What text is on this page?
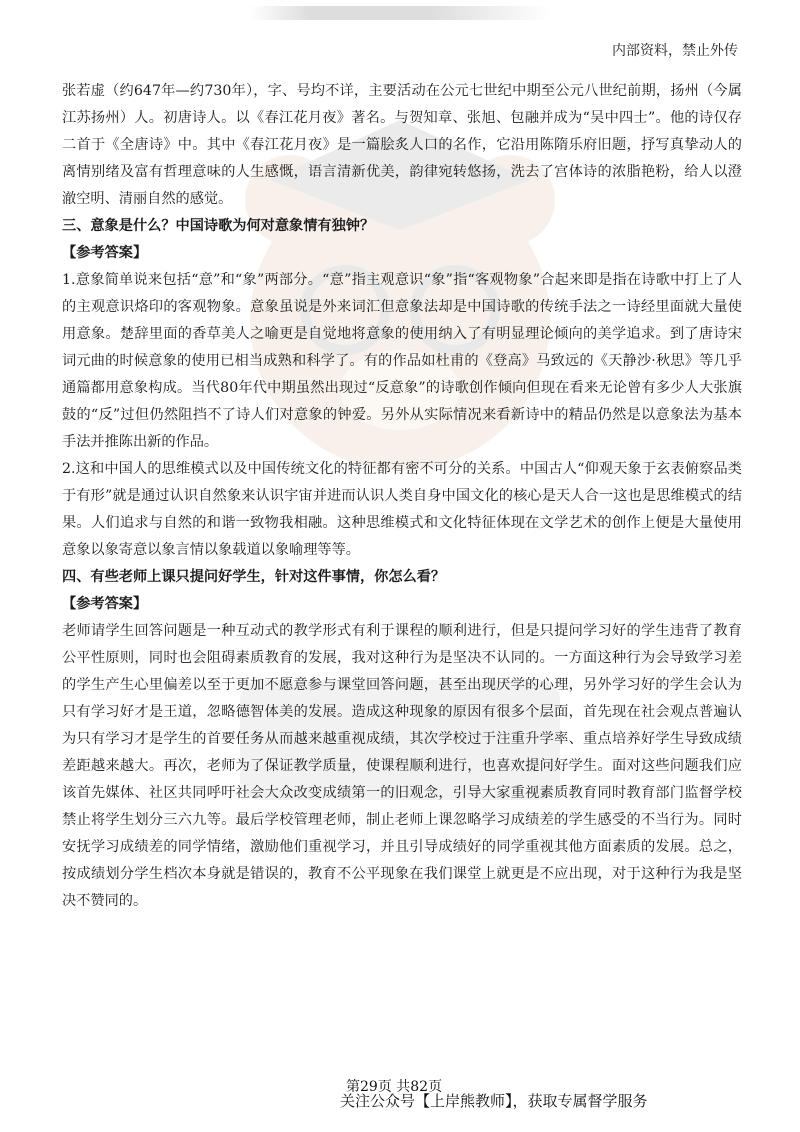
内部资料，禁止外传

张若虚（约647年—约730年），字、号均不详，主要活动在公元七世纪中期至公元八世纪前期，扬州（今属江苏扬州）人。初唐诗人。以《春江花月夜》著名。与贺知章、张旭、包融并成为“吴中四士”。他的诗仅存二首于《全唐诗》中。其中《春江花月夜》是一篇脍炙人口的名作，它沿用陈隋乐府旧题，抒写真挚动人的离情别绪及富有哲理意味的人生感慨，语言清新优美，韵律宛转悠扬，洗去了宫体诗的浓脂艳粉，给人以澄澈空明、清丽自然的感觉。

三、意象是什么？中国诗歌为何对意象情有独钟？

【参考答案】

1.意象简单说来包括“意”和“象”两部分。“意”指主观意识“象”指“客观物象”合起来即是指在诗歌中打上了人的主观意识烙印的客观物象。意象虽说是外来词汇但意象法却是中国诗歌的传统手法之一诗经里面就大量使用意象。楚辞里面的香草美人之喻更是自觉地将意象的使用纳入了有明显理论倾向的美学追求。到了唐诗宋词元曲的时候意象的使用已相当成熟和科学了。有的作品如杜甫的《登高》马致远的《天静沙·秋思》等几乎通篇都用意象构成。当代80年代中期虽然出现过“反意象”的诗歌创作倾向但现在看来无论曾有多少人大张旗鼓的“反”过但仍然阻挡不了诗人们对意象的钟爱。另外从实际情况来看新诗中的精品仍然是以意象法为基本手法并推陈出新的作品。

2.这和中国人的思维模式以及中国传统文化的特征都有密不可分的关系。中国古人“仰观天象于玄表俯察品类于有形”就是通过认识自然象来认识宇宙并进而认识人类自身中国文化的核心是天人合一这也是思维模式的结果。人们追求与自然的和谐一致物我相融。这种思维模式和文化特征体现在文学艺术的创作上便是大量使用意象以象寄意以象言情以象载道以象喻理等等。

四、有些老师上课只提问好学生，针对这件事情，你怎么看？

【参考答案】

老师请学生回答问题是一种互动式的教学形式有利于课程的顺利进行，但是只提问学习好的学生违背了教育公平性原则，同时也会阻碍素质教育的发展，我对这种行为是坚决不认同的。一方面这种行为会导致学习差的学生产生心里偏差以至于更加不愿意参与课堂回答问题，甚至出现厌学的心理，另外学习好的学生会认为只有学习好才是王道，忽略德智体美的发展。造成这种现象的原因有很多个层面，首先现在社会观点普遍认为只有学习才是学生的首要任务从而越来越重视成绩，其次学校过于注重升学率、重点培养好学生导致成绩差距越来越大。再次，老师为了保证教学质量，使课程顺利进行，也喜欢提问好学生。面对这些问题我们应该首先媒体、社区共同呼吁社会大众改变成绩第一的旧观念，引导大家重视素质教育同时教育部门监督学校禁止将学生划分三六九等。最后学校管理老师，制止老师上课忽略学习成绩差的学生感受的不当行为。同时安抚学习成绩差的同学情绪，激励他们重视学习，并且引导成绩好的同学重视其他方面素质的发展。总之，按成绩划分学生档次本身就是错误的，教育不公平现象在我们课堂上就更是不应出现，对于这种行为我是坚决不赞同的。

第29页 共82页
关注公众号【上岸熊教师】，获取专属督学服务
